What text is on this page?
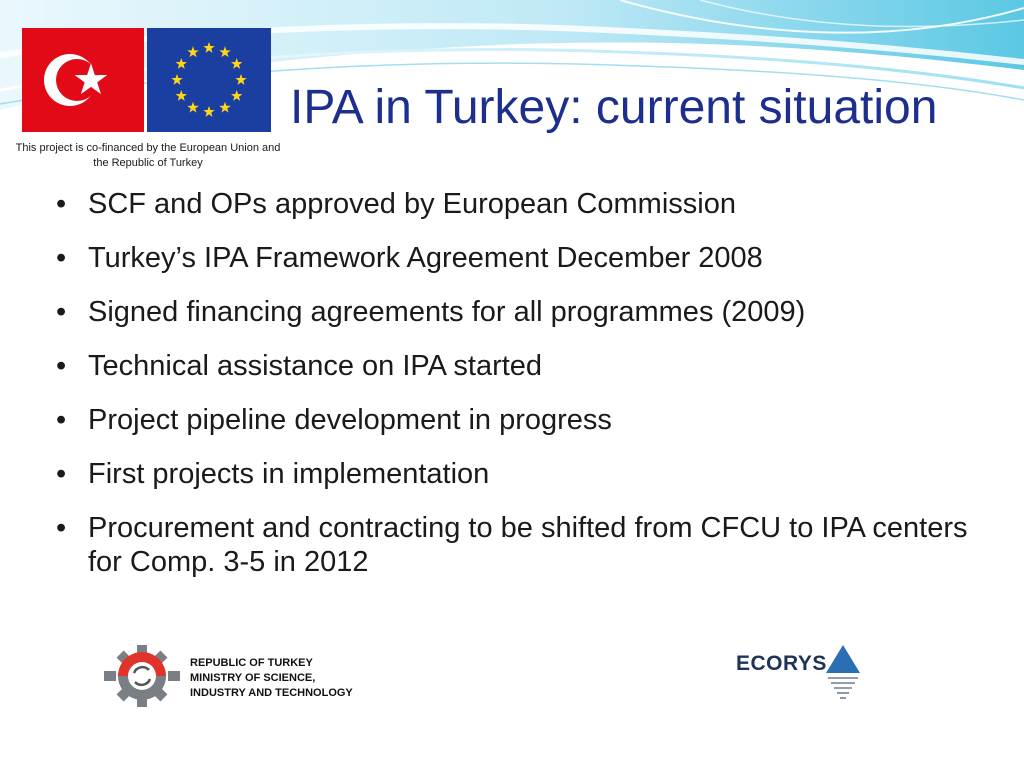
This project is co-financed by the European Union and the Republic of Turkey
IPA in Turkey: current situation
• SCF and OPs approved by European Commission
• Turkey’s IPA Framework Agreement December 2008
• Signed financing agreements for all programmes (2009)
• Technical assistance on IPA started
• Project pipeline development in progress
• First projects in implementation
• Procurement and contracting to be shifted from CFCU to IPA centers for Comp. 3-5 in 2012
REPUBLIC OF TURKEY
MINISTRY OF SCIENCE,
INDUSTRY AND TECHNOLOGY
ECORYS
